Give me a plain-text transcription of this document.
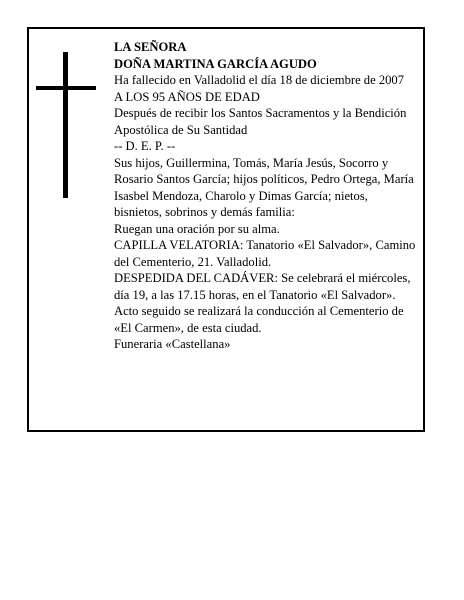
LA SEÑORA

DOÑA MARTINA GARCÍA AGUDO

Ha fallecido en Valladolid el día 18 de diciembre de 2007

A LOS 95 AÑOS DE EDAD

Después de recibir los Santos Sacramentos y la Bendición Apostólica de Su Santidad

-- D. E. P. --

Sus hijos, Guillermina, Tomás, María Jesús, Socorro y Rosario Santos García; hijos políticos, Pedro Ortega, María Isasbel Mendoza, Charolo y Dimas García; nietos, bisnietos, sobrinos y demás familia:

Ruegan una oración por su alma.

CAPILLA VELATORIA: Tanatorio «El Salvador», Camino del Cementerio, 21. Valladolid.

DESPEDIDA DEL CADÁVER: Se celebrará el miércoles, día 19, a las 17.15 horas, en el Tanatorio «El Salvador». Acto seguido se realizará la conducción al Cementerio de «El Carmen», de esta ciudad.

Funeraria «Castellana»
